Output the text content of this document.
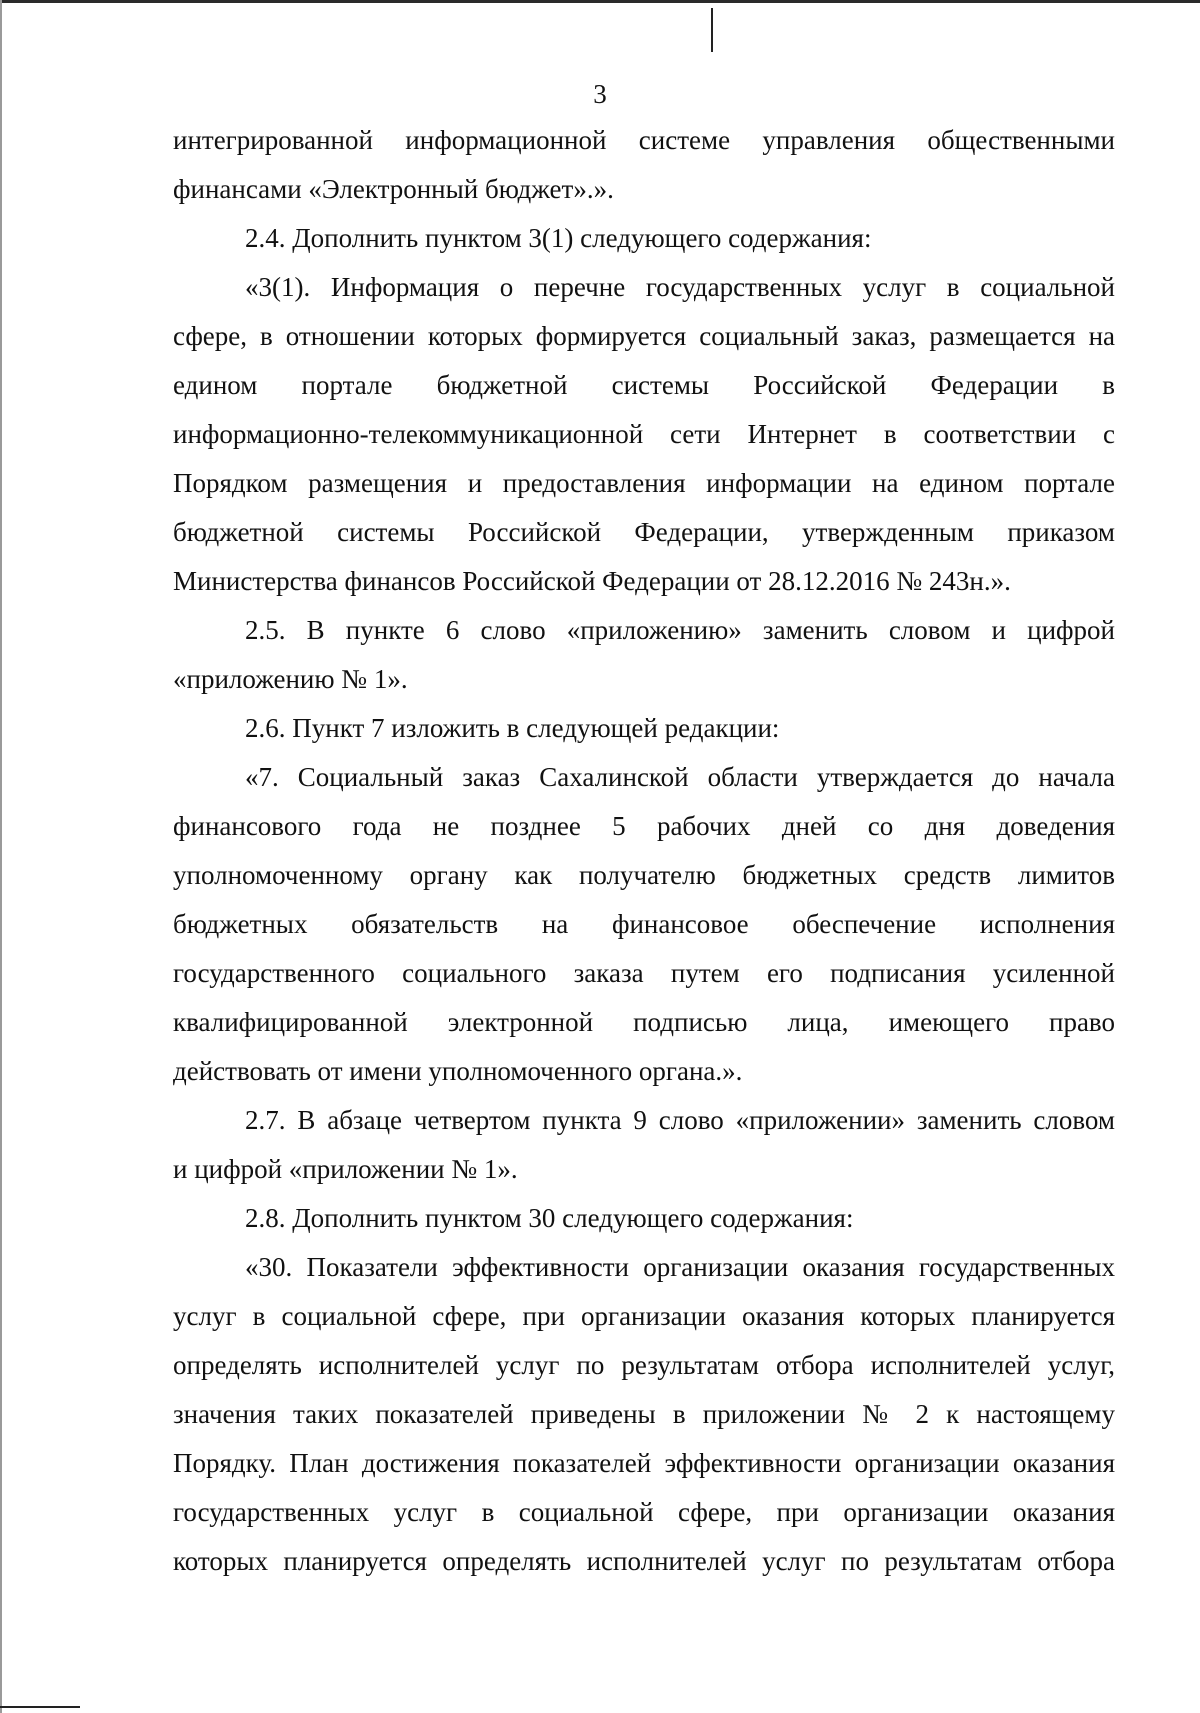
3
интегрированной информационной системе управления общественными
финансами «Электронный бюджет».».
2.4. Дополнить пунктом 3(1) следующего содержания:
«3(1). Информация о перечне государственных услуг в социальной
сфере, в отношении которых формируется социальный заказ, размещается на
едином портале бюджетной системы Российской Федерации в
информационно-телекоммуникационной сети Интернет в соответствии с
Порядком размещения и предоставления информации на едином портале
бюджетной системы Российской Федерации, утвержденным приказом
Министерства финансов Российской Федерации от 28.12.2016 № 243н.».
2.5. В пункте 6 слово «приложению» заменить словом и цифрой
«приложению № 1».
2.6. Пункт 7 изложить в следующей редакции:
«7. Социальный заказ Сахалинской области утверждается до начала
финансового года не позднее 5 рабочих дней со дня доведения
уполномоченному органу как получателю бюджетных средств лимитов
бюджетных обязательств на финансовое обеспечение исполнения
государственного социального заказа путем его подписания усиленной
квалифицированной электронной подписью лица, имеющего право
действовать от имени уполномоченного органа.».
2.7. В абзаце четвертом пункта 9 слово «приложении» заменить словом
и цифрой «приложении № 1».
2.8. Дополнить пунктом 30 следующего содержания:
«30. Показатели эффективности организации оказания государственных
услуг в социальной сфере, при организации оказания которых планируется
определять исполнителей услуг по результатам отбора исполнителей услуг,
значения таких показателей приведены в приложении № 2 к настоящему
Порядку. План достижения показателей эффективности организации оказания
государственных услуг в социальной сфере, при организации оказания
которых планируется определять исполнителей услуг по результатам отбора
